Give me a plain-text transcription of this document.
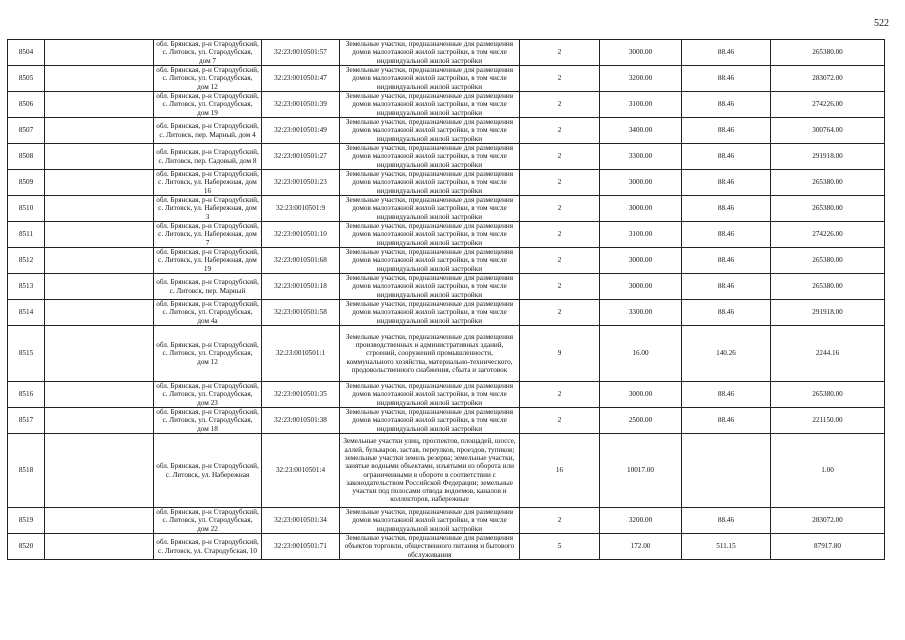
522
8504		обл. Брянская, р-н Стародубский, с. Литовск, ул. Стародубская, дом 7	32:23:0010501:57	Земельные участки, предназначенные для размещения домов малоэтажной жилой застройки, в том числе индивидуальной жилой застройки	2	3000.00	88.46	265380.00
8505		обл. Брянская, р-н Стародубский, с. Литовск, ул. Стародубская, дом 12	32:23:0010501:47	Земельные участки, предназначенные для размещения домов малоэтажной жилой застройки, в том числе индивидуальной жилой застройки	2	3200.00	88.46	283072.00
8506		обл. Брянская, р-н Стародубский, с. Литовск, ул. Стародубская, дом 19	32:23:0010501:39	Земельные участки, предназначенные для размещения домов малоэтажной жилой застройки, в том числе индивидуальной жилой застройки	2	3100.00	88.46	274226.00
8507		обл. Брянская, р-н Стародубский, с. Литовск, пер. Марный, дом 4	32:23:0010501:49	Земельные участки, предназначенные для размещения домов малоэтажной жилой застройки, в том числе индивидуальной жилой застройки	2	3400.00	88.46	300764.00
8508		обл. Брянская, р-н Стародубский, с. Литовск, пер. Садовый, дом 8	32:23:0010501:27	Земельные участки, предназначенные для размещения домов малоэтажной жилой застройки, в том числе индивидуальной жилой застройки	2	3300.00	88.46	291918.00
8509		обл. Брянская, р-н Стародубский, с. Литовск, ул. Набережная, дом 16	32:23:0010501:23	Земельные участки, предназначенные для размещения домов малоэтажной жилой застройки, в том числе индивидуальной жилой застройки	2	3000.00	88.46	265380.00
8510		обл. Брянская, р-н Стародубский, с. Литовск, ул. Набережная, дом 3	32:23:0010501:9	Земельные участки, предназначенные для размещения домов малоэтажной жилой застройки, в том числе индивидуальной жилой застройки	2	3000.00	88.46	265380.00
8511		обл. Брянская, р-н Стародубский, с. Литовск, ул. Набережная, дом 7	32:23:0010501:10	Земельные участки, предназначенные для размещения домов малоэтажной жилой застройки, в том числе индивидуальной жилой застройки	2	3100.00	88.46	274226.00
8512		обл. Брянская, р-н Стародубский, с. Литовск, ул. Набережная, дом 19	32:23:0010501:68	Земельные участки, предназначенные для размещения домов малоэтажной жилой застройки, в том числе индивидуальной жилой застройки	2	3000.00	88.46	265380.00
8513		обл. Брянская, р-н Стародубский, с. Литовск, пер. Марный	32:23:0010501:18	Земельные участки, предназначенные для размещения домов малоэтажной жилой застройки, в том числе индивидуальной жилой застройки	2	3000.00	88.46	265380.00
8514		обл. Брянская, р-н Стародубский, с. Литовск, ул. Стародубская, дом 4а	32:23:0010501:58	Земельные участки, предназначенные для размещения домов малоэтажной жилой застройки, в том числе индивидуальной жилой застройки	2	3300.00	88.46	291918.00
8515		обл. Брянская, р-н Стародубский, с. Литовск, ул. Стародубская, дом 12	32:23:0010501:1	Земельные участки, предназначенные для размещения производственных и административных зданий, строений, сооружений промышленности, коммунального хозяйства, материально-технического, продовольственного снабжения, сбыта и заготовок	9	16.00	140.26	2244.16
8516		обл. Брянская, р-н Стародубский, с. Литовск, ул. Стародубская, дом 23	32:23:0010501:35	Земельные участки, предназначенные для размещения домов малоэтажной жилой застройки, в том числе индивидуальной жилой застройки	2	3000.00	88.46	265380.00
8517		обл. Брянская, р-н Стародубский, с. Литовск, ул. Стародубская, дом 18	32:23:0010501:38	Земельные участки, предназначенные для размещения домов малоэтажной жилой застройки, в том числе индивидуальной жилой застройки	2	2500.00	88.46	221150.00
8518		обл. Брянская, р-н Стародубский, с. Литовск, ул. Набережная	32:23:0010501:4	Земельные участки улиц, проспектов, площадей, шоссе, аллей, бульваров, застав, переулков, проездов, тупиков; земельные участки земель резерва; земельные участки, занятые водными объектами, изъятыми из оборота или ограниченными в обороте в соответствии с законодательством Российской Федерации; земельные участки под полосами отвода водоемов, каналов и коллекторов, набережные	16	10017.00		1.00
8519		обл. Брянская, р-н Стародубский, с. Литовск, ул. Стародубская, дом 22	32:23:0010501:34	Земельные участки, предназначенные для размещения домов малоэтажной жилой застройки, в том числе индивидуальной жилой застройки	2	3200.00	88.46	283072.00
8520		обл. Брянская, р-н Стародубский, с. Литовск, ул. Стародубская, 10	32:23:0010501:71	Земельные участки, предназначенные для размещения объектов торговли, общественного питания и бытового обслуживания	5	172.00	511.15	87917.80
